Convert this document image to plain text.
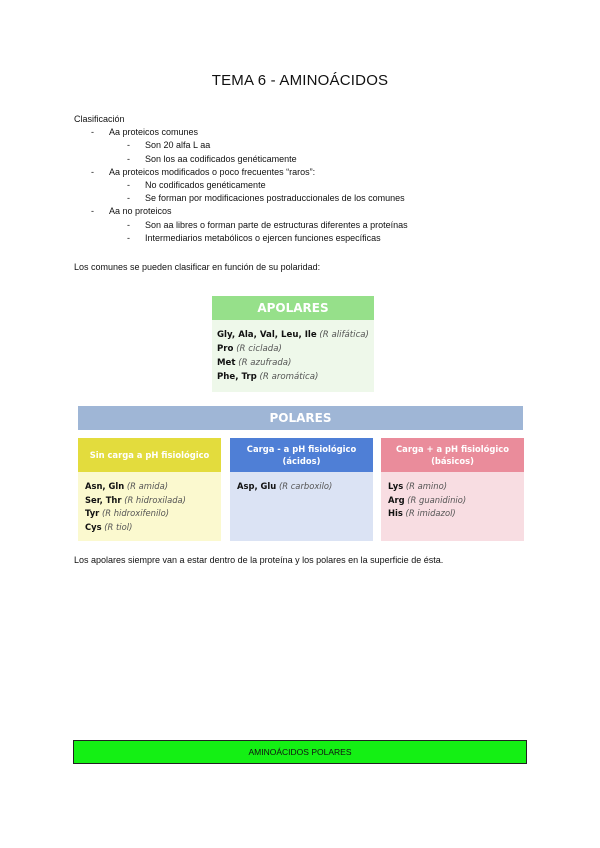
TEMA 6 - AMINOÁCIDOS
Clasificación
- Aa proteicos comunes
- Son 20 alfa L aa
- Son los aa codificados genéticamente
- Aa proteicos modificados o poco frecuentes “raros”:
- No codificados genéticamente
- Se forman por modificaciones postraduccionales de los comunes
- Aa no proteicos
- Son aa libres o forman parte de estructuras diferentes a proteínas
- Intermediarios metabólicos o ejercen funciones específicas
Los comunes se pueden clasificar en función de su polaridad:
APOLARES
Gly, Ala, Val, Leu, Ile (R alifática)
Pro (R ciclada)
Met (R azufrada)
Phe, Trp (R aromática)
POLARES
Sin carga a pH fisiológico
Asn, Gln (R amida)
Ser, Thr (R hidroxilada)
Tyr (R hidroxifenilo)
Cys (R tiol)
Carga - a pH fisiológico (ácidos)
Asp, Glu (R carboxilo)
Carga + a pH fisiológico (básicos)
Lys (R amino)
Arg (R guanidinio)
His (R imidazol)
Los apolares siempre van a estar dentro de la proteína y los polares en la superficie de ésta.
AMINOÁCIDOS POLARES
